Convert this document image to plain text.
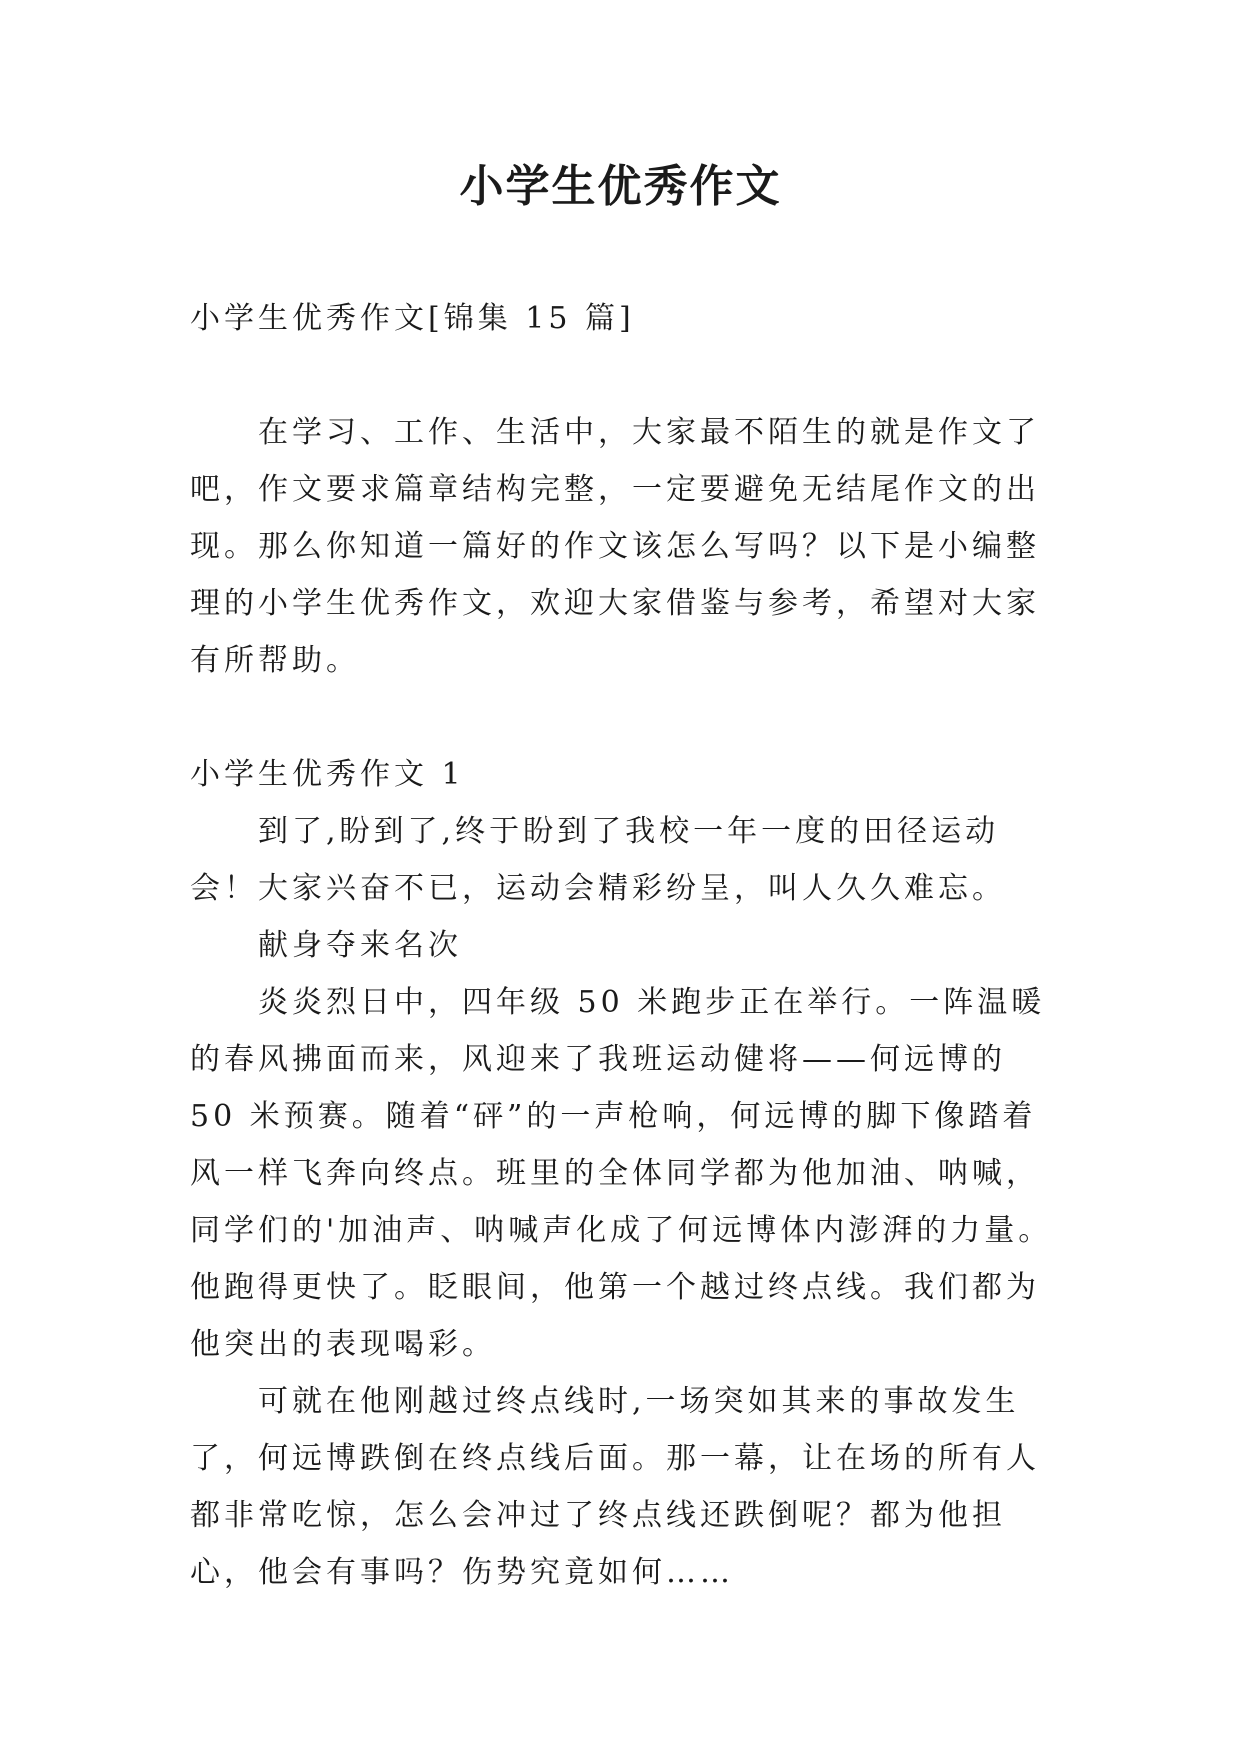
小学生优秀作文

小学生优秀作文[锦集 15 篇]

在学习、工作、生活中，大家最不陌生的就是作文了吧，作文要求篇章结构完整，一定要避免无结尾作文的出现。那么你知道一篇好的作文该怎么写吗？以下是小编整理的小学生优秀作文，欢迎大家借鉴与参考，希望对大家有所帮助。

小学生优秀作文 1

到了,盼到了,终于盼到了我校一年一度的田径运动会！大家兴奋不已，运动会精彩纷呈，叫人久久难忘。

献身夺来名次

炎炎烈日中，四年级 50 米跑步正在举行。一阵温暖的春风拂面而来，风迎来了我班运动健将——何远博的 50 米预赛。随着“砰”的一声枪响，何远博的脚下像踏着风一样飞奔向终点。班里的全体同学都为他加油、呐喊，同学们的'加油声、呐喊声化成了何远博体内澎湃的力量。他跑得更快了。眨眼间，他第一个越过终点线。我们都为他突出的表现喝彩。

可就在他刚越过终点线时,一场突如其来的事故发生了，何远博跌倒在终点线后面。那一幕，让在场的所有人都非常吃惊，怎么会冲过了终点线还跌倒呢？都为他担心，他会有事吗？伤势究竟如何……
